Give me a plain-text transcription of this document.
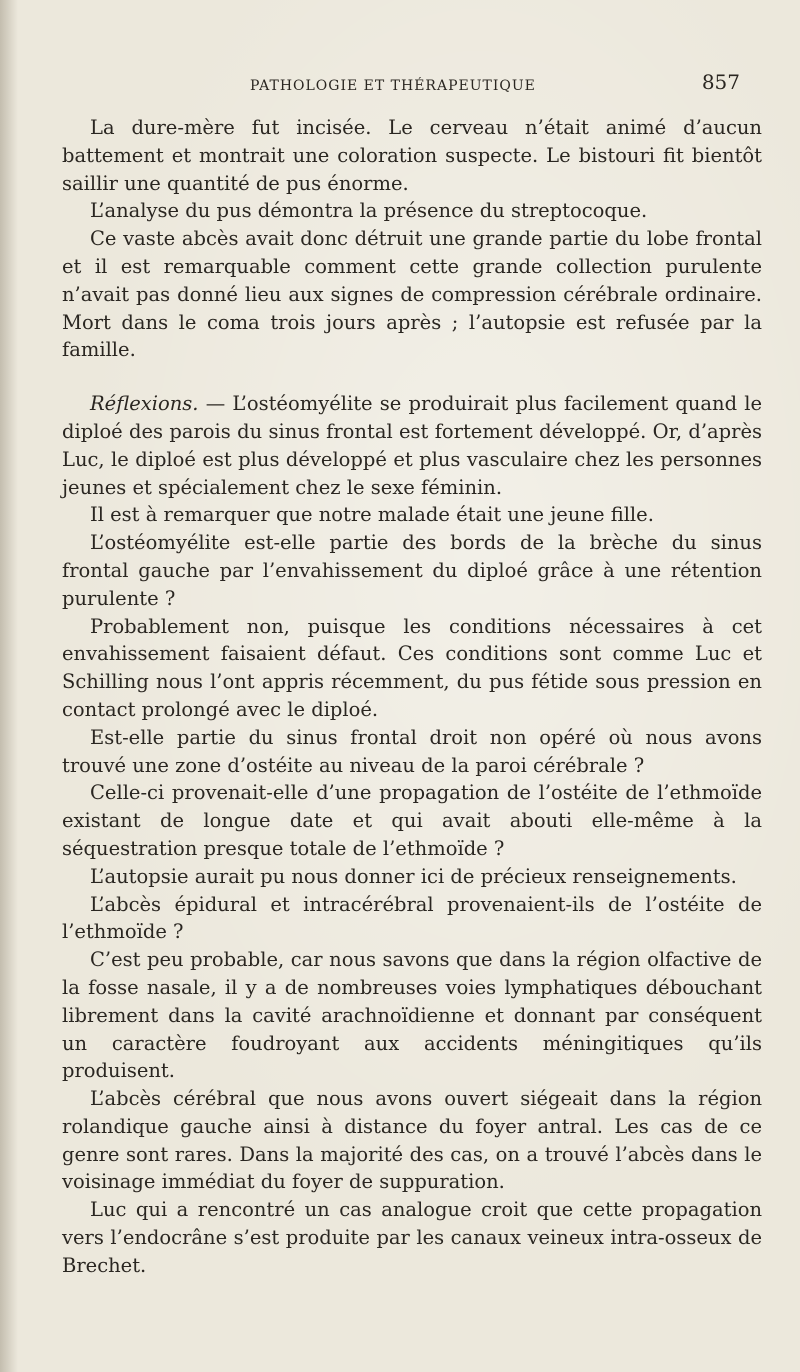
PATHOLOGIE ET THÉRAPEUTIQUE	857

La dure-mère fut incisée. Le cerveau n’était animé d’aucun battement et montrait une coloration suspecte. Le bistouri fit bientôt saillir une quantité de pus énorme.

L’analyse du pus démontra la présence du streptocoque.

Ce vaste abcès avait donc détruit une grande partie du lobe frontal et il est remarquable comment cette grande collection purulente n’avait pas donné lieu aux signes de compression cérébrale ordinaire. Mort dans le coma trois jours après ; l’autopsie est refusée par la famille.

Réflexions. — L’ostéomyélite se produirait plus facilement quand le diploé des parois du sinus frontal est fortement développé. Or, d’après Luc, le diploé est plus développé et plus vasculaire chez les personnes jeunes et spécialement chez le sexe féminin.

Il est à remarquer que notre malade était une jeune fille.

L’ostéomyélite est-elle partie des bords de la brèche du sinus frontal gauche par l’envahissement du diploé grâce à une rétention purulente ?

Probablement non, puisque les conditions nécessaires à cet envahissement faisaient défaut. Ces conditions sont comme Luc et Schilling nous l’ont appris récemment, du pus fétide sous pression en contact prolongé avec le diploé.

Est-elle partie du sinus frontal droit non opéré où nous avons trouvé une zone d’ostéite au niveau de la paroi cérébrale ?

Celle-ci provenait-elle d’une propagation de l’ostéite de l’ethmoïde existant de longue date et qui avait abouti elle-même à la séquestration presque totale de l’ethmoïde ?

L’autopsie aurait pu nous donner ici de précieux renseignements.

L’abcès épidural et intracérébral provenaient-ils de l’ostéite de l’ethmoïde ?

C’est peu probable, car nous savons que dans la région olfactive de la fosse nasale, il y a de nombreuses voies lymphatiques débouchant librement dans la cavité arachnoïdienne et donnant par conséquent un caractère foudroyant aux accidents méningitiques qu’ils produisent.

L’abcès cérébral que nous avons ouvert siégeait dans la région rolandique gauche ainsi à distance du foyer antral. Les cas de ce genre sont rares. Dans la majorité des cas, on a trouvé l’abcès dans le voisinage immédiat du foyer de suppuration.

Luc qui a rencontré un cas analogue croit que cette propagation vers l’endocrâne s’est produite par les canaux veineux intra-osseux de Brechet.
